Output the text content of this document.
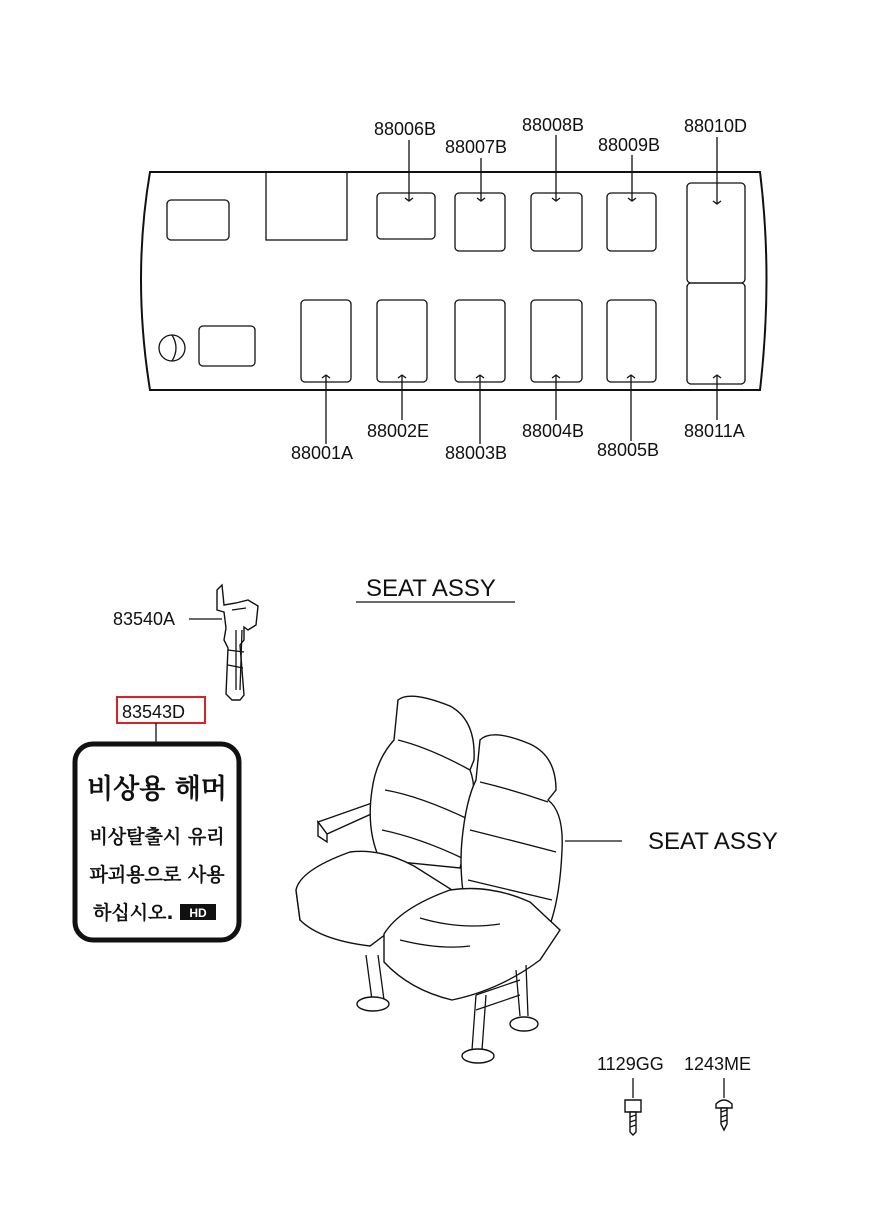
88006B
88007B
88008B
88009B
88010D
88001A
88002E
88003B
88004B
88005B
88011A
SEAT ASSY
83540A
83543D
비상용 해머
비상탈출시 유리
파괴용으로 사용
하십시오. HD
SEAT ASSY
1129GG 1243ME
